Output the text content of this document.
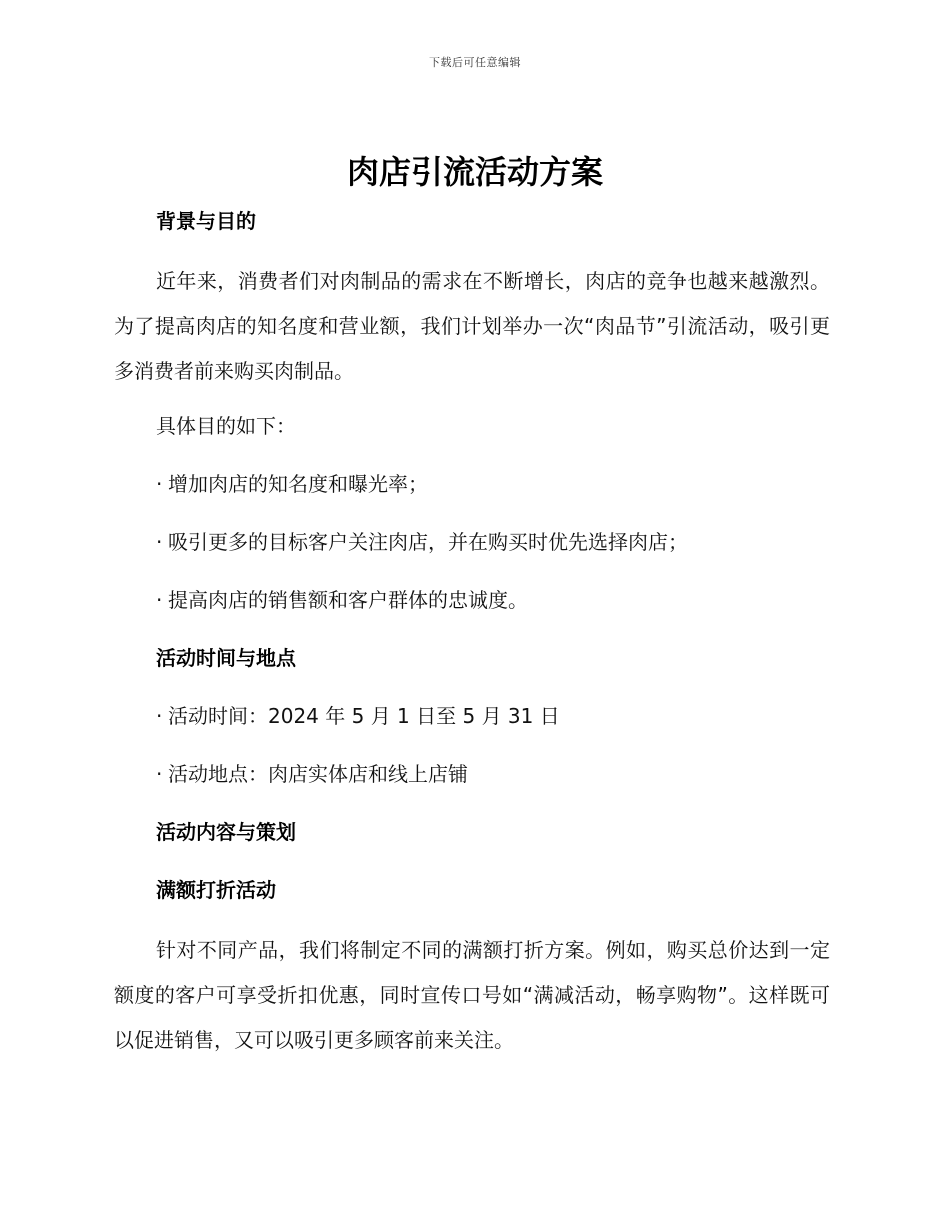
下载后可任意编辑
肉店引流活动方案
背景与目的
近年来，消费者们对肉制品的需求在不断增长，肉店的竞争也越来越激烈。为了提高肉店的知名度和营业额，我们计划举办一次“肉品节”引流活动，吸引更多消费者前来购买肉制品。
具体目的如下：
· 增加肉店的知名度和曝光率；
· 吸引更多的目标客户关注肉店，并在购买时优先选择肉店；
· 提高肉店的销售额和客户群体的忠诚度。
活动时间与地点
· 活动时间：2024 年 5 月 1 日至 5 月 31 日
· 活动地点：肉店实体店和线上店铺
活动内容与策划
满额打折活动
针对不同产品，我们将制定不同的满额打折方案。例如，购买总价达到一定额度的客户可享受折扣优惠，同时宣传口号如“满减活动，畅享购物”。这样既可以促进销售，又可以吸引更多顾客前来关注。
